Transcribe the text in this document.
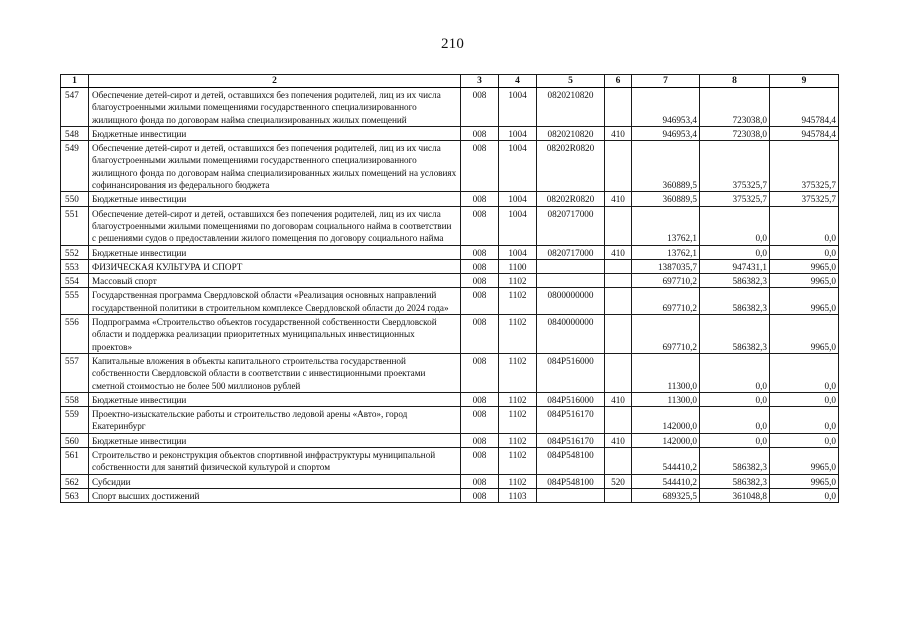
210
1	2	3	4	5	6	7	8	9
547	Обеспечение детей-сирот и детей, оставшихся без попечения родителей, лиц из их числа благоустроенными жилыми помещениями государственного специализированного жилищного фонда по договорам найма специализированных жилых помещений	008	1004	0820210820		946953,4	723038,0	945784,4
548	Бюджетные инвестиции	008	1004	0820210820	410	946953,4	723038,0	945784,4
549	Обеспечение детей-сирот и детей, оставшихся без попечения родителей, лиц из их числа благоустроенными жилыми помещениями государственного специализированного жилищного фонда по договорам найма специализированных жилых помещений на условиях софинансирования из федерального бюджета	008	1004	08202R0820		360889,5	375325,7	375325,7
550	Бюджетные инвестиции	008	1004	08202R0820	410	360889,5	375325,7	375325,7
551	Обеспечение детей-сирот и детей, оставшихся без попечения родителей, лиц из их числа благоустроенными жилыми помещениями по договорам социального найма в соответствии с решениями судов о предоставлении жилого помещения по договору социального найма	008	1004	0820717000		13762,1	0,0	0,0
552	Бюджетные инвестиции	008	1004	0820717000	410	13762,1	0,0	0,0
553	ФИЗИЧЕСКАЯ КУЛЬТУРА И СПОРТ	008	1100			1387035,7	947431,1	9965,0
554	Массовый спорт	008	1102			697710,2	586382,3	9965,0
555	Государственная программа Свердловской области «Реализация основных направлений государственной политики в строительном комплексе Свердловской области до 2024 года»	008	1102	0800000000		697710,2	586382,3	9965,0
556	Подпрограмма «Строительство объектов государственной собственности Свердловской области и поддержка реализации приоритетных муниципальных инвестиционных проектов»	008	1102	0840000000		697710,2	586382,3	9965,0
557	Капитальные вложения в объекты капитального строительства государственной собственности Свердловской области в соответствии с инвестиционными проектами сметной стоимостью не более 500 миллионов рублей	008	1102	084P516000		11300,0	0,0	0,0
558	Бюджетные инвестиции	008	1102	084P516000	410	11300,0	0,0	0,0
559	Проектно-изыскательские работы и строительство ледовой арены «Авто», город Екатеринбург	008	1102	084P516170		142000,0	0,0	0,0
560	Бюджетные инвестиции	008	1102	084P516170	410	142000,0	0,0	0,0
561	Строительство и реконструкция объектов спортивной инфраструктуры муниципальной собственности для занятий физической культурой и спортом	008	1102	084P548100		544410,2	586382,3	9965,0
562	Субсидии	008	1102	084P548100	520	544410,2	586382,3	9965,0
563	Спорт высших достижений	008	1103			689325,5	361048,8	0,0
